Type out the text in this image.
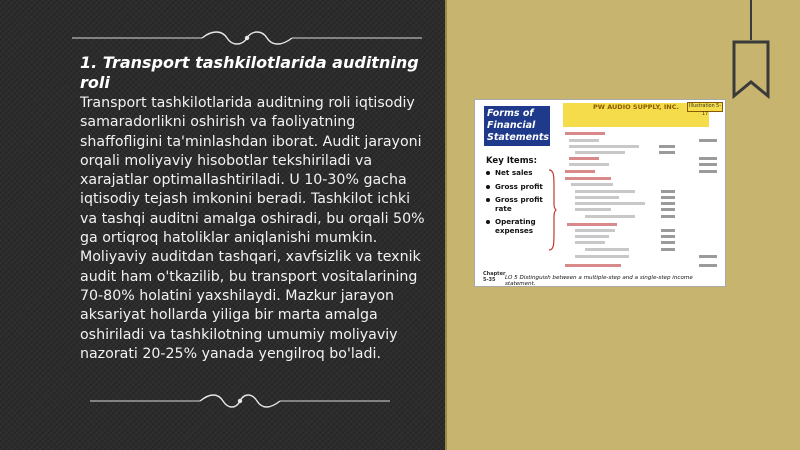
1. Transport tashkilotlarida auditning roli

Transport tashkilotlarida auditning roli iqtisodiy samaradorlikni oshirish va faoliyatning shaffofligini ta'minlashdan iborat. Audit jarayoni orqali moliyaviy hisobotlar tekshiriladi va xarajatlar optimallashtiriladi. U 10-30% gacha iqtisodiy tejash imkonini beradi. Tashkilot ichki va tashqi auditni amalga oshiradi, bu orqali 50% ga ortiqroq hatoliklar aniqlanishi mumkin. Moliyaviy auditdan tashqari, xavfsizlik va texnik audit ham o'tkazilib, bu transport vositalarining 70-80% holatini yaxshilaydi. Mazkur jarayon aksariyat hollarda yiliga bir marta amalga oshiriladi va tashkilotning umumiy moliyaviy nazorati 20-25% yanada yengilroq bo'ladi.

Forms of
Financial
Statements
Key Items:
Net sales
Gross profit
Gross profit rate
Operating expenses
PW AUDIO SUPPLY, INC.
	Illustration 5-17
Chapter
5-35	LO 5 Distinguish between a multiple-step and a single-step income statement.
